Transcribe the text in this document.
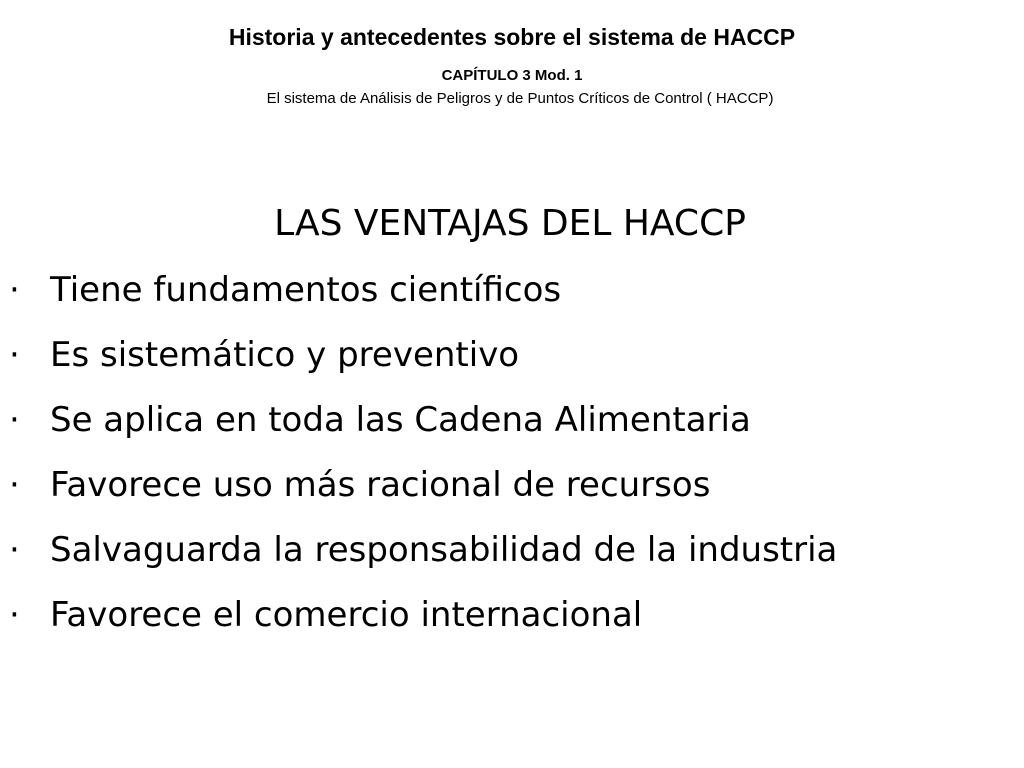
Historia y antecedentes sobre el sistema de HACCP
CAPÍTULO 3 Mod. 1
El sistema de Análisis de Peligros y de Puntos Críticos de Control ( HACCP)
LAS VENTAJAS DEL HACCP
· Tiene fundamentos científicos
· Es sistemático y preventivo
· Se aplica en toda las Cadena Alimentaria
· Favorece uso más racional de recursos
· Salvaguarda la responsabilidad de la industria
· Favorece el comercio internacional
